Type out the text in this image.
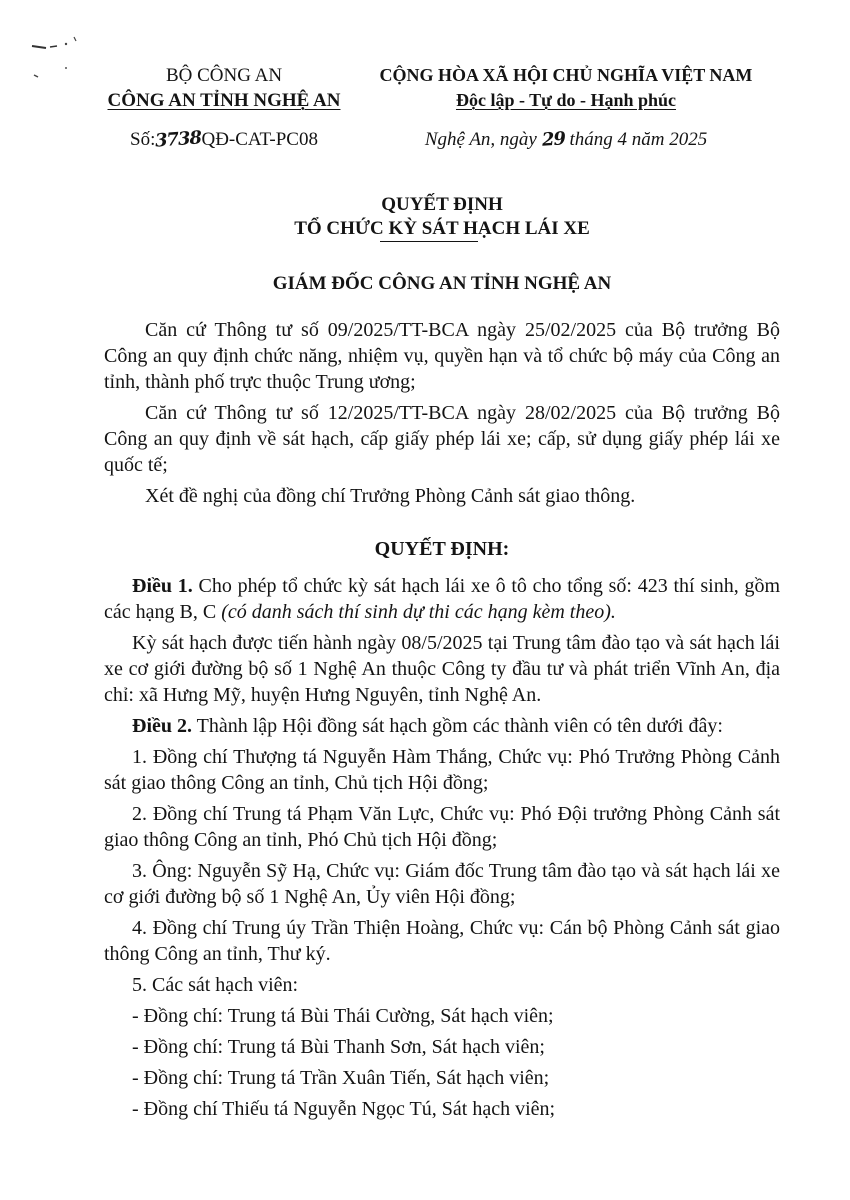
BỘ CÔNG AN
CÔNG AN TỈNH NGHỆ AN
Số:3738QĐ-CAT-PC08
CỘNG HÒA XÃ HỘI CHỦ NGHĨA VIỆT NAM
Độc lập - Tự do - Hạnh phúc
Nghệ An, ngày 29 tháng 4 năm 2025
QUYẾT ĐỊNH
TỔ CHỨC KỲ SÁT HẠCH LÁI XE
GIÁM ĐỐC CÔNG AN TỈNH NGHỆ AN

Căn cứ Thông tư số 09/2025/TT-BCA ngày 25/02/2025 của Bộ trưởng Bộ Công an quy định chức năng, nhiệm vụ, quyền hạn và tổ chức bộ máy của Công an tỉnh, thành phố trực thuộc Trung ương;

Căn cứ Thông tư số 12/2025/TT-BCA ngày 28/02/2025 của Bộ trưởng Bộ Công an quy định về sát hạch, cấp giấy phép lái xe; cấp, sử dụng giấy phép lái xe quốc tế;

Xét đề nghị của đồng chí Trưởng Phòng Cảnh sát giao thông.

QUYẾT ĐỊNH:

Điều 1. Cho phép tổ chức kỳ sát hạch lái xe ô tô cho tổng số: 423 thí sinh, gồm các hạng B, C (có danh sách thí sinh dự thi các hạng kèm theo).

Kỳ sát hạch được tiến hành ngày 08/5/2025 tại Trung tâm đào tạo và sát hạch lái xe cơ giới đường bộ số 1 Nghệ An thuộc Công ty đầu tư và phát triển Vĩnh An, địa chỉ: xã Hưng Mỹ, huyện Hưng Nguyên, tỉnh Nghệ An.

Điều 2. Thành lập Hội đồng sát hạch gồm các thành viên có tên dưới đây:

1. Đồng chí Thượng tá Nguyễn Hàm Thắng, Chức vụ: Phó Trưởng Phòng Cảnh sát giao thông Công an tỉnh, Chủ tịch Hội đồng;

2. Đồng chí Trung tá Phạm Văn Lực, Chức vụ: Phó Đội trưởng Phòng Cảnh sát giao thông Công an tỉnh, Phó Chủ tịch Hội đồng;

3. Ông: Nguyễn Sỹ Hạ, Chức vụ: Giám đốc Trung tâm đào tạo và sát hạch lái xe cơ giới đường bộ số 1 Nghệ An, Ủy viên Hội đồng;

4. Đồng chí Trung úy Trần Thiện Hoàng, Chức vụ: Cán bộ Phòng Cảnh sát giao thông Công an tỉnh, Thư ký.

5. Các sát hạch viên:

- Đồng chí: Trung tá Bùi Thái Cường, Sát hạch viên;

- Đồng chí: Trung tá Bùi Thanh Sơn, Sát hạch viên;

- Đồng chí: Trung tá Trần Xuân Tiến, Sát hạch viên;

- Đồng chí Thiếu tá Nguyễn Ngọc Tú, Sát hạch viên;
